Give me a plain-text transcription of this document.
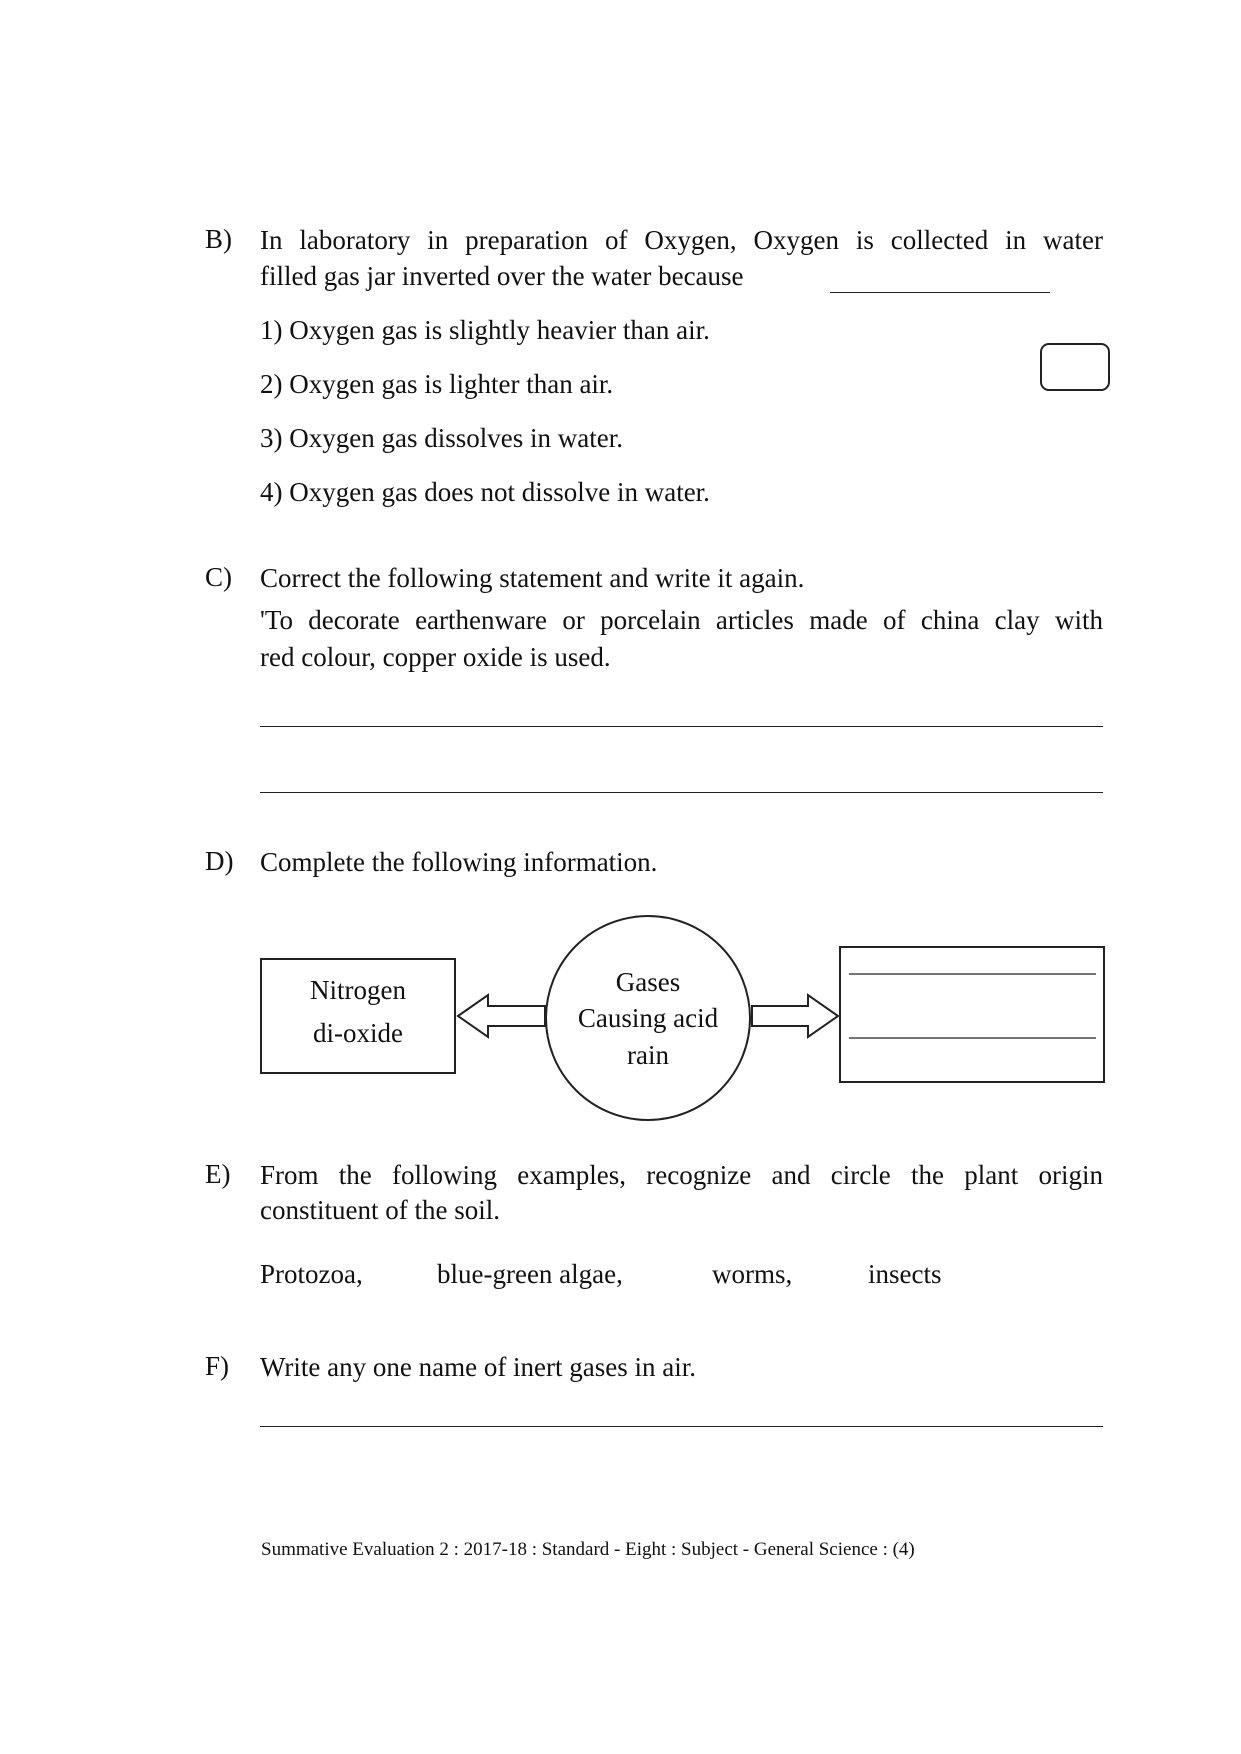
B) In laboratory in preparation of Oxygen, Oxygen is collected in water
filled gas jar inverted over the water because
1) Oxygen gas is slightly heavier than air.
2) Oxygen gas is lighter than air.
3) Oxygen gas dissolves in water.
4) Oxygen gas does not dissolve in water.
C) Correct the following statement and write it again.
'To decorate earthenware or porcelain articles made of china clay with
red colour, copper oxide is used.
D) Complete the following information.
Nitrogen
di-oxide
Gases
Causing acid
rain
E) From the following examples, recognize and circle the plant origin
constituent of the soil.
Protozoa,	blue-green algae,	worms,	insects
F) Write any one name of inert gases in air.
Summative Evaluation 2 : 2017-18 : Standard - Eight : Subject - General Science : (4)
